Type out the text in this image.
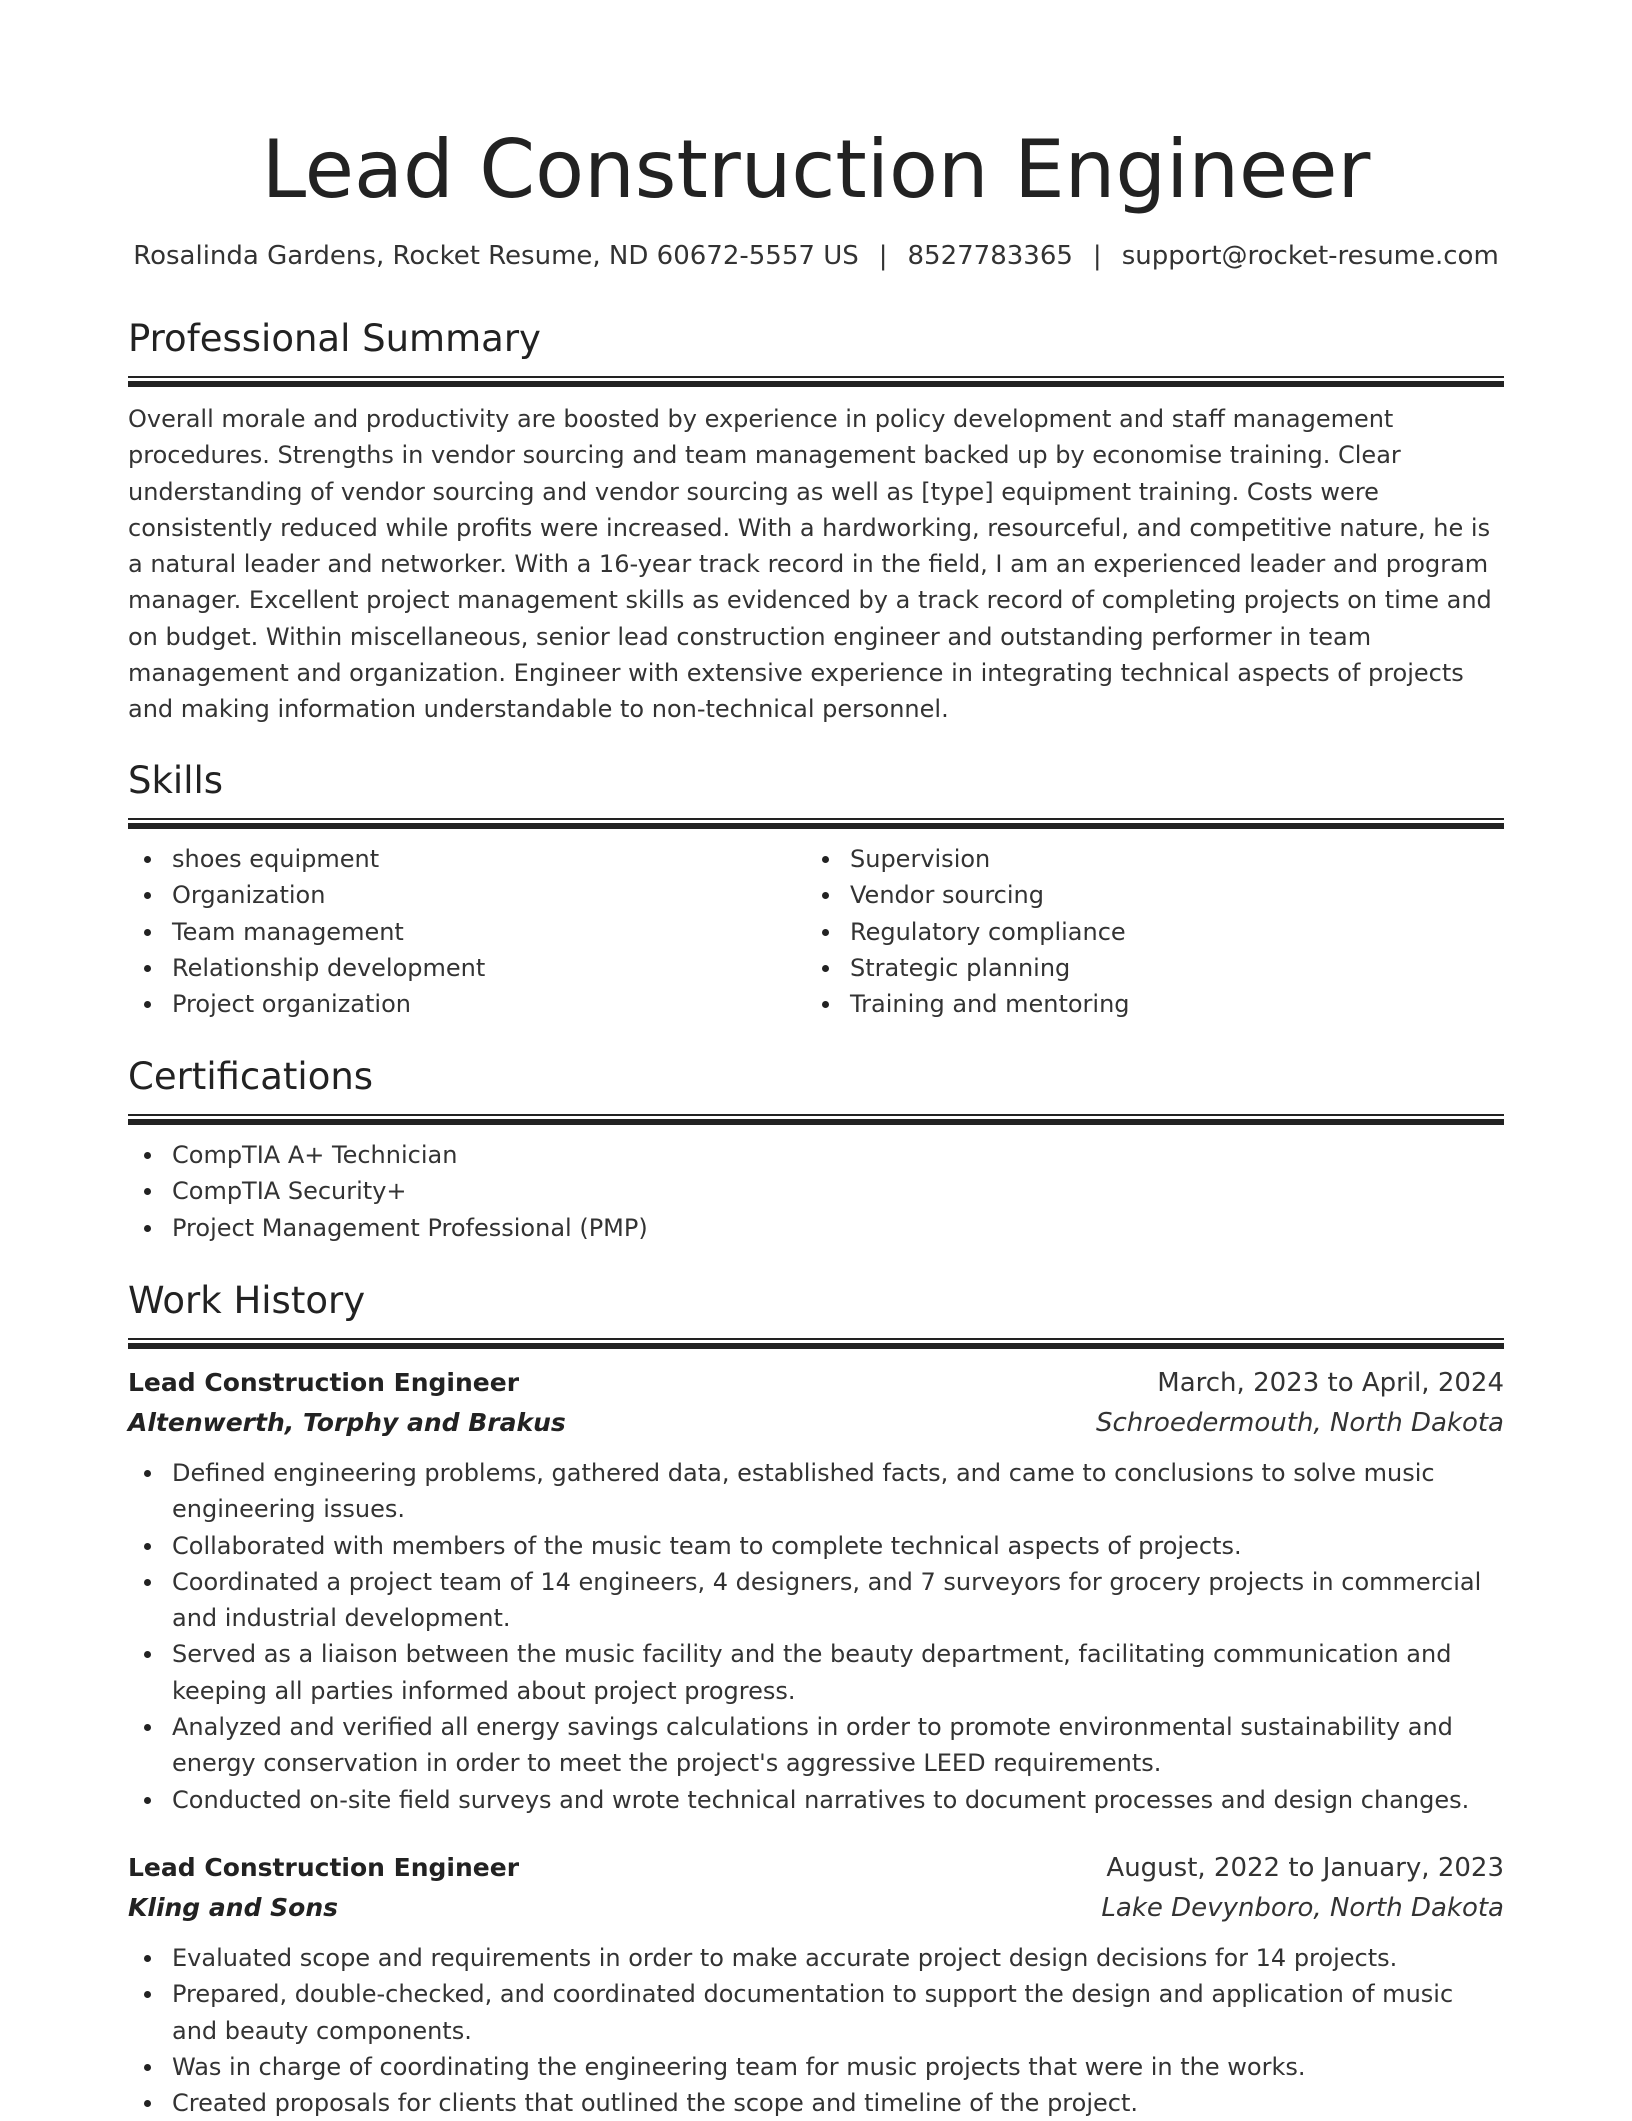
Lead Construction Engineer
Rosalinda Gardens, Rocket Resume, ND 60672-5557 US | 8527783365 | support@rocket-resume.com
Professional Summary

Overall morale and productivity are boosted by experience in policy development and staff management procedures. Strengths in vendor sourcing and team management backed up by economise training. Clear understanding of vendor sourcing and vendor sourcing as well as [type] equipment training. Costs were consistently reduced while profits were increased. With a hardworking, resourceful, and competitive nature, he is a natural leader and networker. With a 16-year track record in the field, I am an experienced leader and program manager. Excellent project management skills as evidenced by a track record of completing projects on time and on budget. Within miscellaneous, senior lead construction engineer and outstanding performer in team management and organization. Engineer with extensive experience in integrating technical aspects of projects and making information understandable to non-technical personnel.

Skills
shoes equipment
Organization
Team management
Relationship development
Project organization
Supervision
Vendor sourcing
Regulatory compliance
Strategic planning
Training and mentoring
Certifications
CompTIA A+ Technician
CompTIA Security+
Project Management Professional (PMP)
Work History
Lead Construction Engineer	March, 2023 to April, 2024
Altenwerth, Torphy and Brakus	Schroedermouth, North Dakota
Defined engineering problems, gathered data, established facts, and came to conclusions to solve music engineering issues.
Collaborated with members of the music team to complete technical aspects of projects.
Coordinated a project team of 14 engineers, 4 designers, and 7 surveyors for grocery projects in commercial and industrial development.
Served as a liaison between the music facility and the beauty department, facilitating communication and keeping all parties informed about project progress.
Analyzed and verified all energy savings calculations in order to promote environmental sustainability and energy conservation in order to meet the project's aggressive LEED requirements.
Conducted on-site field surveys and wrote technical narratives to document processes and design changes.
Lead Construction Engineer	August, 2022 to January, 2023
Kling and Sons	Lake Devynboro, North Dakota
Evaluated scope and requirements in order to make accurate project design decisions for 14 projects.
Prepared, double-checked, and coordinated documentation to support the design and application of music and beauty components.
Was in charge of coordinating the engineering team for music projects that were in the works.
Created proposals for clients that outlined the scope and timeline of the project.
